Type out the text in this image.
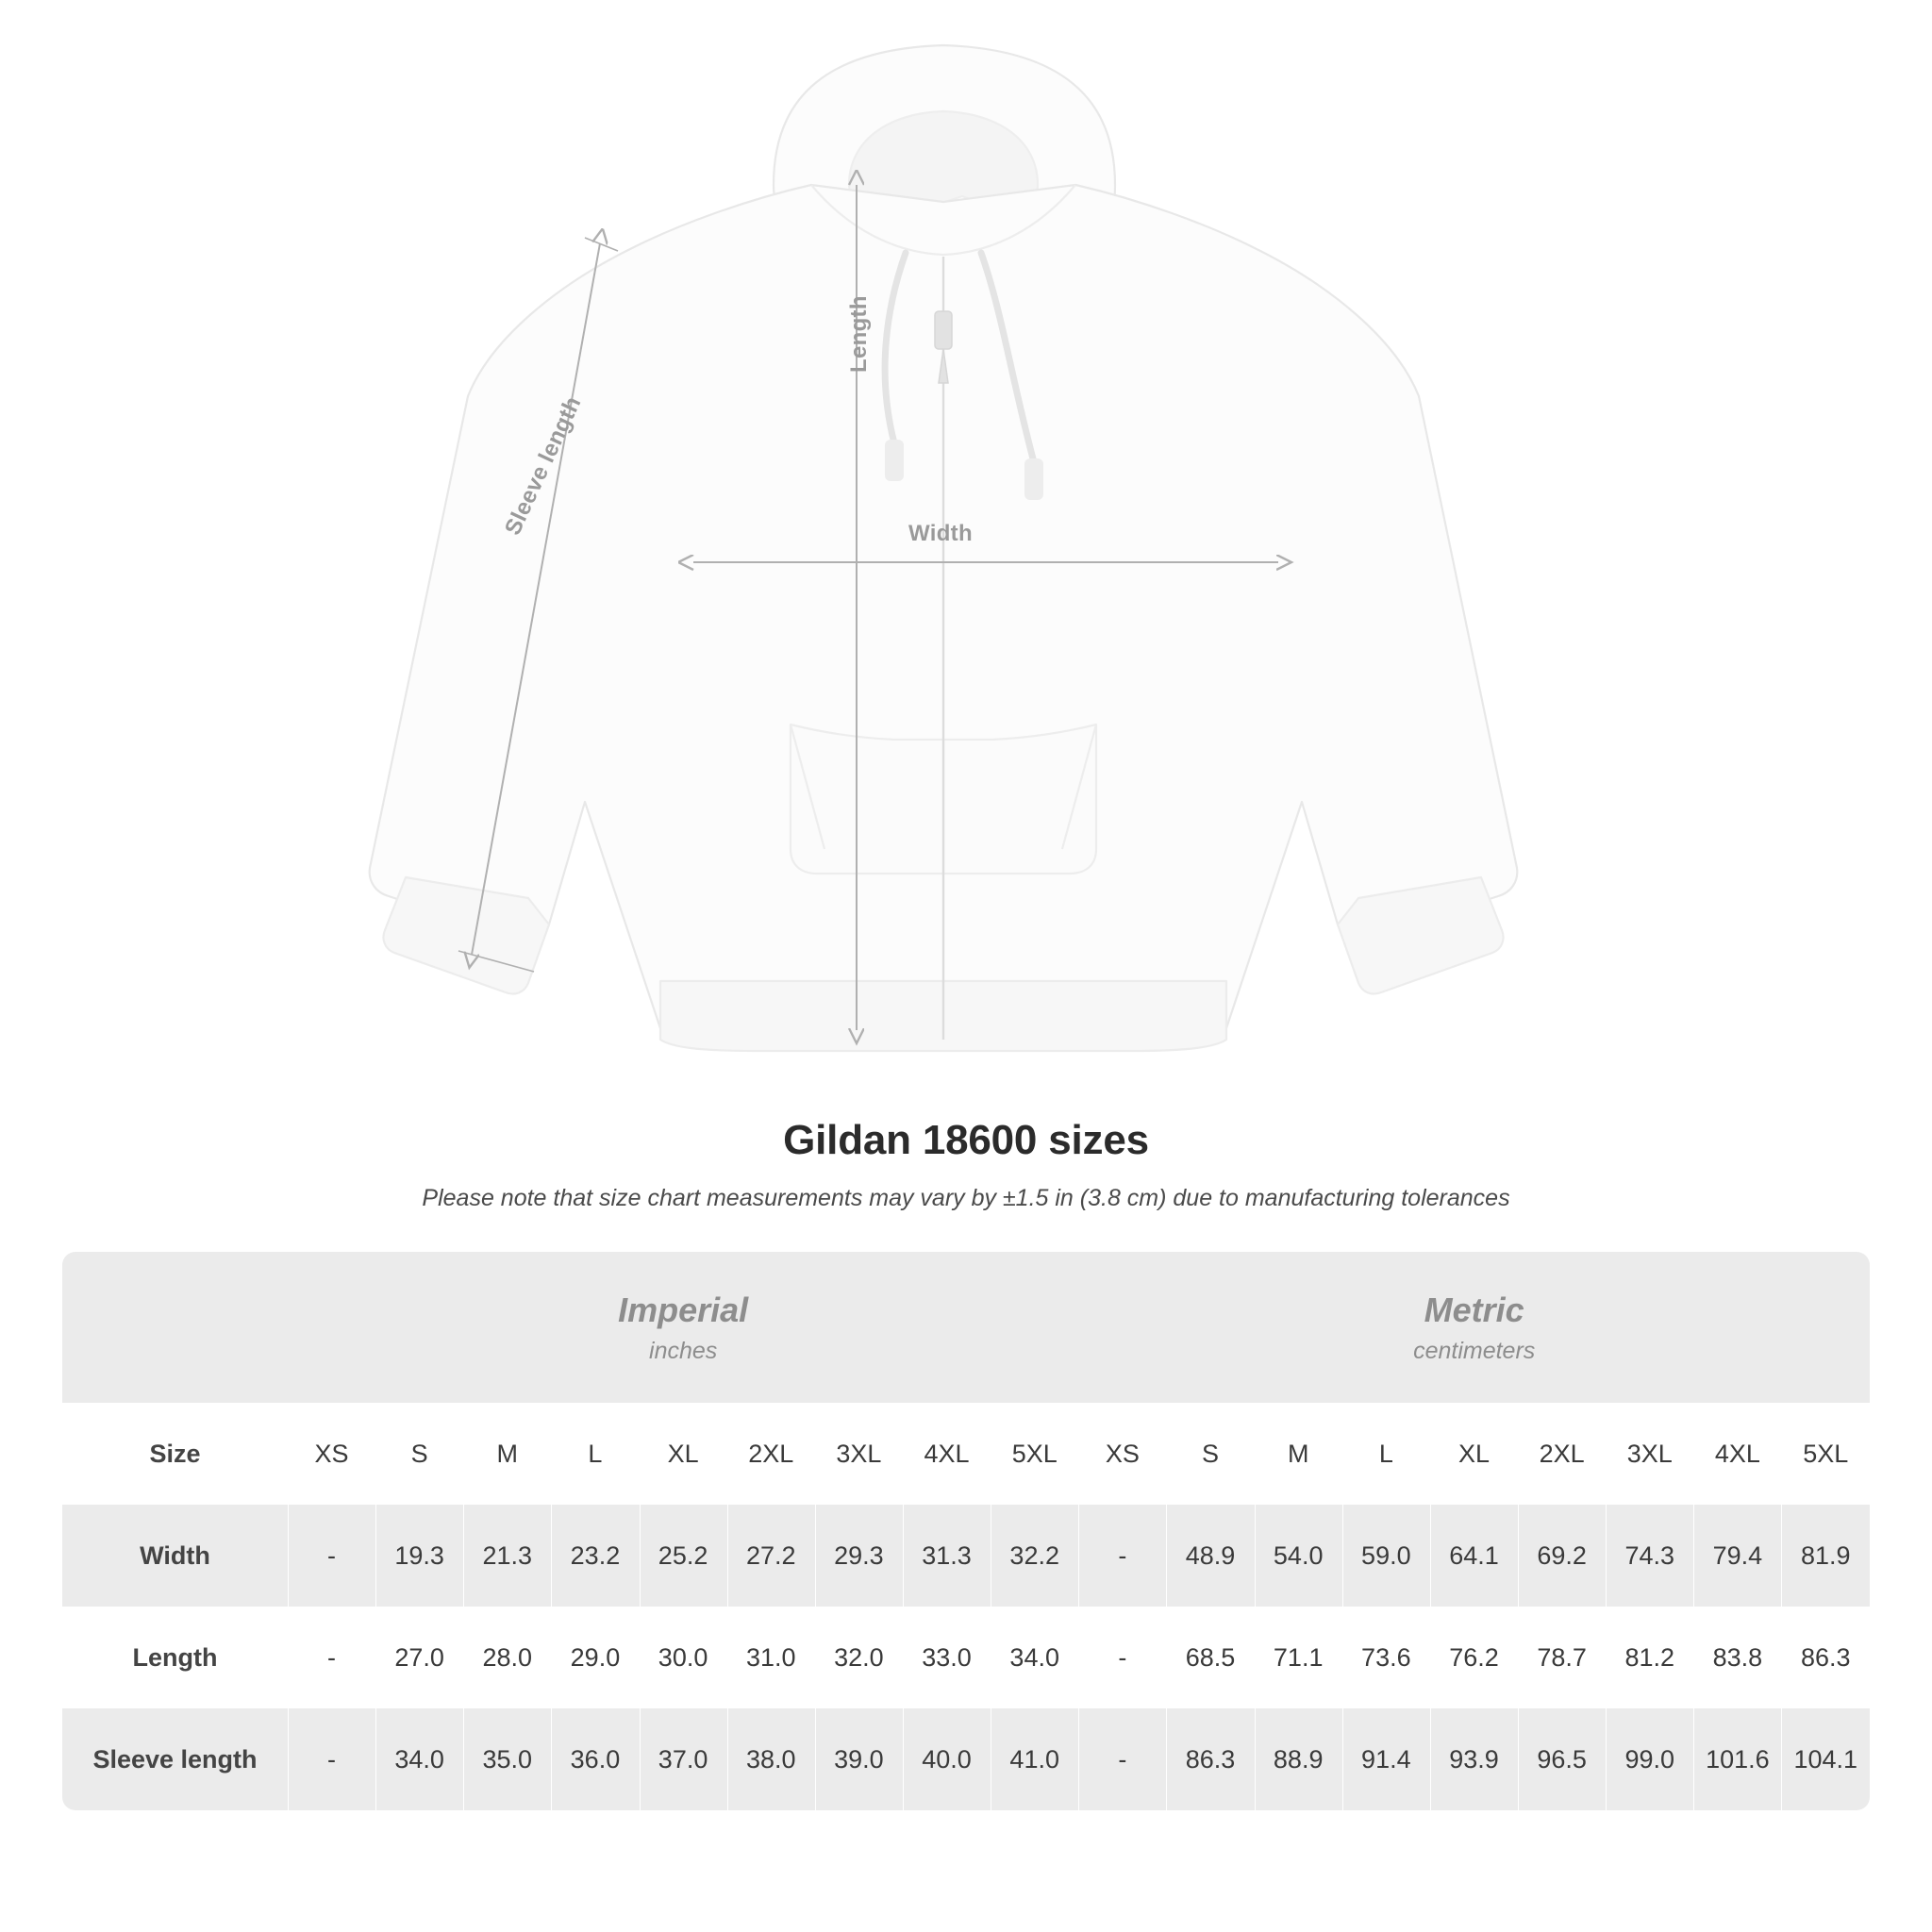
Width
Length
Sleeve length
Gildan 18600 sizes
Please note that size chart measurements may vary by ±1.5 in (3.8 cm) due to manufacturing tolerances

Imperial
inches

Metric
centimeters

Size	XS	S	M	L	XL	2XL	3XL	4XL	5XL	XS	S	M	L	XL	2XL	3XL	4XL	5XL
Width	-	19.3	21.3	23.2	25.2	27.2	29.3	31.3	32.2	-	48.9	54.0	59.0	64.1	69.2	74.3	79.4	81.9
Length	-	27.0	28.0	29.0	30.0	31.0	32.0	33.0	34.0	-	68.5	71.1	73.6	76.2	78.7	81.2	83.8	86.3
Sleeve length	-	34.0	35.0	36.0	37.0	38.0	39.0	40.0	41.0	-	86.3	88.9	91.4	93.9	96.5	99.0	101.6	104.1
